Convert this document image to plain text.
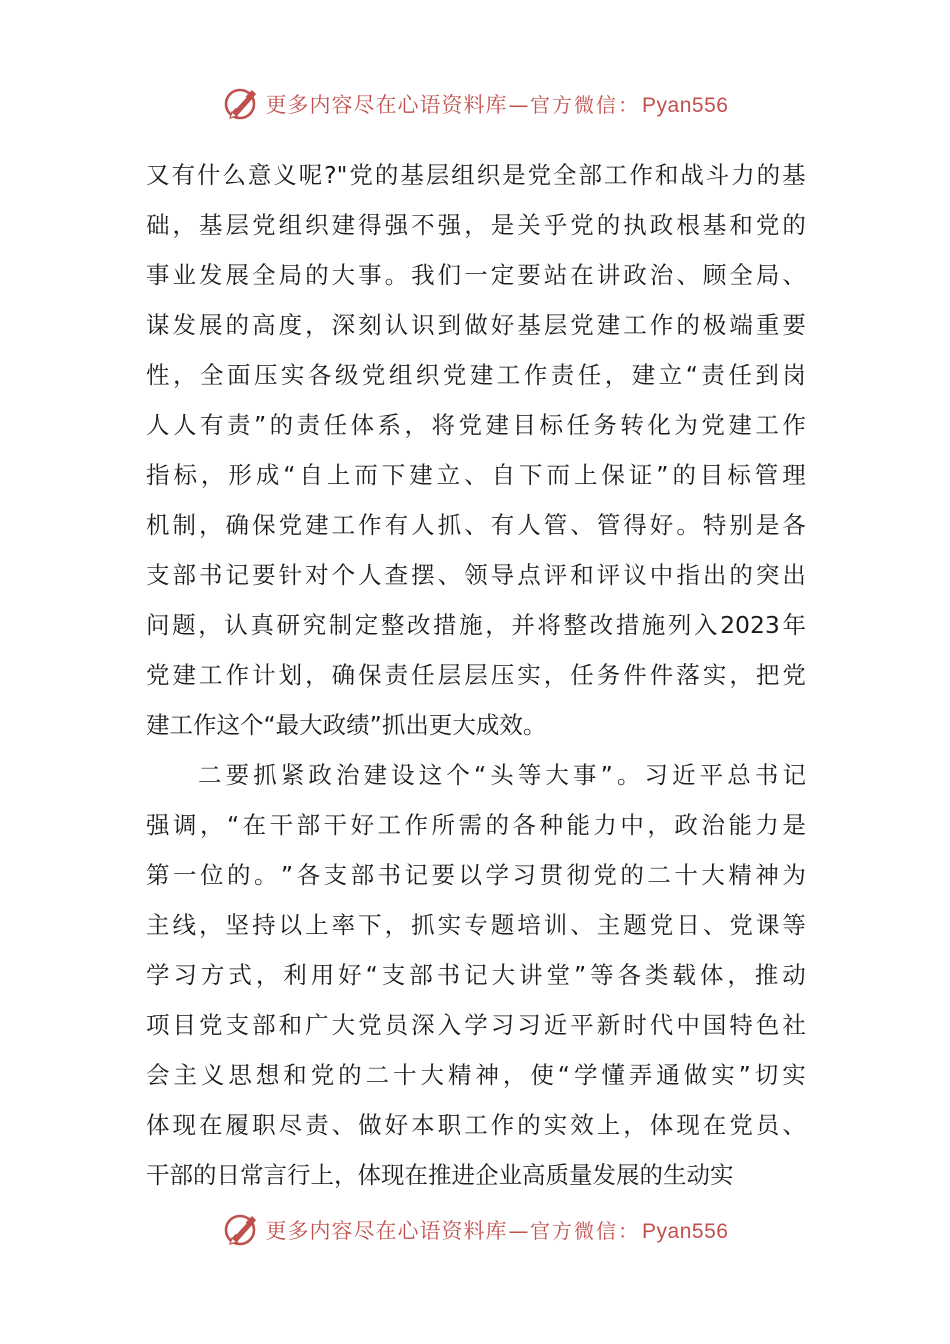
更多内容尽在心语资料库 — 官方微信： Pyan556
又 有 什 么 意 义 呢 ?" 党 的 基 层 组 织 是 党 全 部 工 作 和 战 斗 力 的 基
础 ， 基 层 党 组 织 建 得 强 不 强 ， 是 关 乎 党 的 执 政 根 基 和 党 的
事 业 发 展 全 局 的 大 事 。 我 们 一 定 要 站 在 讲 政 治 、 顾 全 局 、
谋 发 展 的 高 度 ， 深 刻 认 识 到 做 好 基 层 党 建 工 作 的 极 端 重 要
性 ， 全 面 压 实 各 级 党 组 织 党 建 工 作 责 任 ， 建 立 “ 责 任 到 岗
人 人 有 责 ” 的 责 任 体 系 ， 将 党 建 目 标 任 务 转 化 为 党 建 工 作
指 标 ， 形 成 “ 自 上 而 下 建 立 、 自 下 而 上 保 证 ” 的 目 标 管 理
机 制 ， 确 保 党 建 工 作 有 人 抓 、 有 人 管 、 管 得 好 。 特 别 是 各
支 部 书 记 要 针 对 个 人 查 摆 、 领 导 点 评 和 评 议 中 指 出 的 突 出
问 题 ， 认 真 研 究 制 定 整 改 措 施 ， 并 将 整 改 措 施 列 入 2023 年
党 建 工 作 计 划 ， 确 保 责 任 层 层 压 实 ， 任 务 件 件 落 实 ， 把 党
建工作这个“最大政绩”抓出更大成效。
二 要 抓 紧 政 治 建 设 这 个 “ 头 等 大 事 ” 。 习 近 平 总 书 记
强 调 ， “ 在 干 部 干 好 工 作 所 需 的 各 种 能 力 中 ， 政 治 能 力 是
第 一 位 的 。 ” 各 支 部 书 记 要 以 学 习 贯 彻 党 的 二 十 大 精 神 为
主 线 ， 坚 持 以 上 率 下 ， 抓 实 专 题 培 训 、 主 题 党 日 、 党 课 等
学 习 方 式 ， 利 用 好 “ 支 部 书 记 大 讲 堂 ” 等 各 类 载 体 ， 推 动
项 目 党 支 部 和 广 大 党 员 深 入 学 习 习 近 平 新 时 代 中 国 特 色 社
会 主 义 思 想 和 党 的 二 十 大 精 神 ， 使 “ 学 懂 弄 通 做 实 ” 切 实
体 现 在 履 职 尽 责 、 做 好 本 职 工 作 的 实 效 上 ， 体 现 在 党 员 、
干部的日常言行上，体现在推进企业高质量发展的生动实
更多内容尽在心语资料库 — 官方微信： Pyan556
